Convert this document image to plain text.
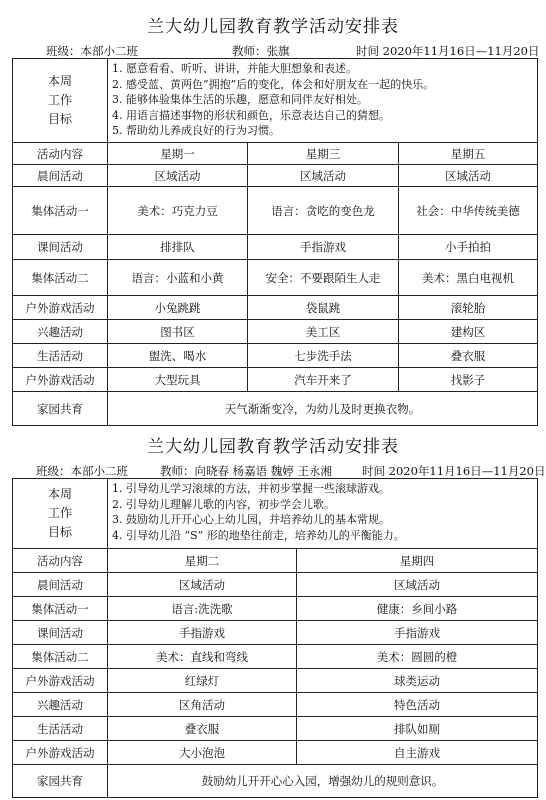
兰大幼儿园教育教学活动安排表
班级：本部小二班	教师：张旗	时间 2020年11月16日—11月20日
本周
工作
目标	1. 愿意看看、听听、讲讲，并能大胆想象和表述。
2. 感受蓝、黄两色“拥抱”后的变化，体会和好朋友在一起的快乐。
3. 能够体验集体生活的乐趣，愿意和同伴友好相处。
4. 用语言描述事物的形状和颜色，乐意表达自己的猜想。
5. 帮助幼儿养成良好的行为习惯。		

活动内容	星期一	星期三	星期五
晨间活动	区域活动	区域活动	区域活动
集体活动一	美术：巧克力豆	语言：贪吃的变色龙	社会：中华传统美德
课间活动	排排队	手指游戏	小手拍拍
集体活动二	语言：小蓝和小黄	安全：不要跟陌生人走	美术：黑白电视机
户外游戏活动	小兔跳跳	袋鼠跳	滚轮胎
兴趣活动	图书区	美工区	建构区
生活活动	盥洗、喝水	七步洗手法	叠衣服
户外游戏活动	大型玩具	汽车开来了	找影子
家园共育	天气渐渐变冷，为幼儿及时更换衣物。		
兰大幼儿园教育教学活动安排表
班级：本部小二班	教师：向晓春 杨嘉语 魏婷 王永湘	时间 2020年11月16日—11月20日
本周
工作
目标	1. 引导幼儿学习滚球的方法，并初步掌握一些滚球游戏。
2. 引导幼儿理解儿歌的内容，初步学会儿歌。
3. 鼓励幼儿开开心心上幼儿园，并培养幼儿的基本常规。
4. 引导幼儿沿 “S” 形的地垫往前走，培养幼儿的平衡能力。	

活动内容	星期二	星期四
晨间活动	区域活动	区域活动
集体活动一	语言:洗洗歌	健康：乡间小路
课间活动	手指游戏	手指游戏
集体活动二	美术：直线和弯线	美术：圆圆的橙
户外游戏活动	红绿灯	球类运动
兴趣活动	区角活动	特色活动
生活活动	叠衣服	排队如厕
户外游戏活动	大小泡泡	自主游戏
家园共育	鼓励幼儿开开心心入园，增强幼儿的规则意识。	
